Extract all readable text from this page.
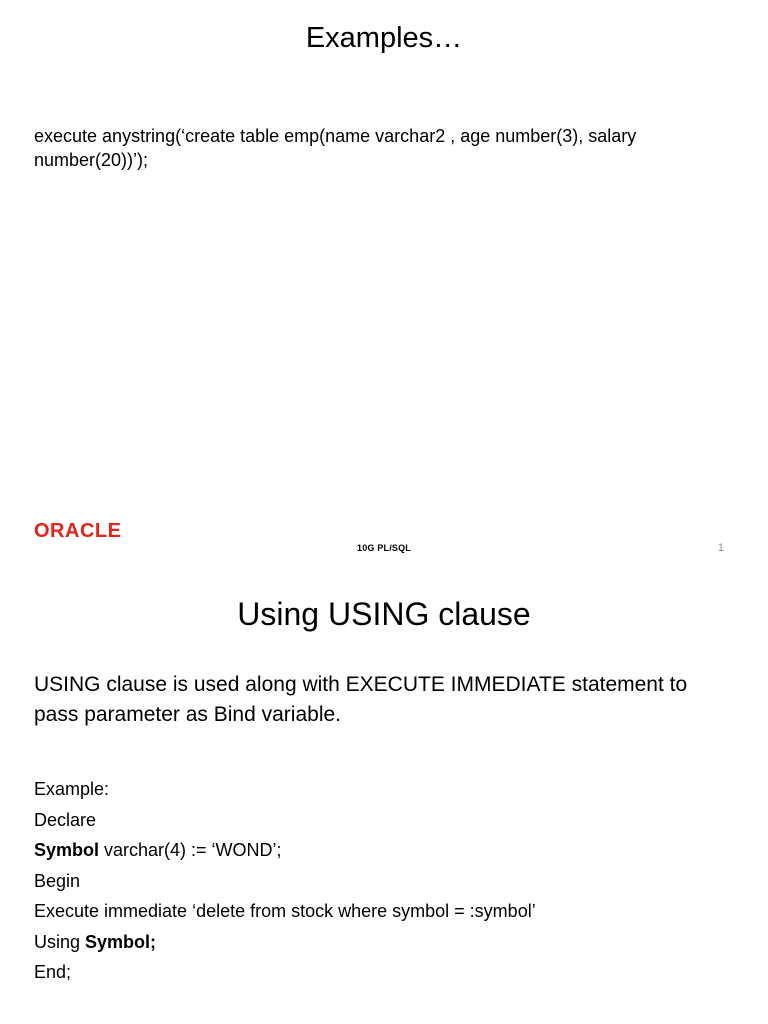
Examples…

execute anystring(‘create table emp(name varchar2 , age number(3), salary number(20))’);

ORACLE
10G PL/SQL	1
Using USING clause

USING clause is used along with EXECUTE IMMEDIATE statement to pass parameter as Bind variable.

Example:
Declare
Symbol varchar(4) := ‘WOND’;
Begin
Execute immediate ‘delete from stock where symbol = :symbol’
Using Symbol;
End;
